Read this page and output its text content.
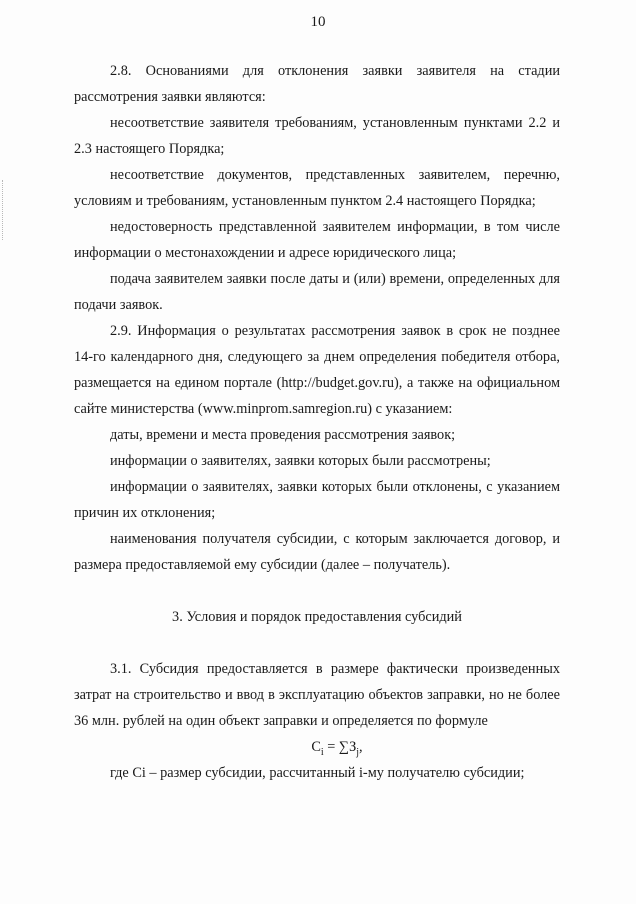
10

2.8. Основаниями для отклонения заявки заявителя на стадии рассмотрения заявки являются:

несоответствие заявителя требованиям, установленным пунктами 2.2 и 2.3 настоящего Порядка;

несоответствие документов, представленных заявителем, перечню, условиям и требованиям, установленным пунктом 2.4 настоящего Порядка;

недостоверность представленной заявителем информации, в том числе информации о местонахождении и адресе юридического лица;

подача заявителем заявки после даты и (или) времени, определенных для подачи заявок.

2.9. Информация о результатах рассмотрения заявок в срок не позднее 14-го календарного дня, следующего за днем определения победителя отбора, размещается на едином портале (http://budget.gov.ru), а также на официальном сайте министерства (www.minprom.samregion.ru) с указанием:

даты, времени и места проведения рассмотрения заявок;

информации о заявителях, заявки которых были рассмотрены;

информации о заявителях, заявки которых были отклонены, с указанием причин их отклонения;

наименования получателя субсидии, с которым заключается договор, и размера предоставляемой ему субсидии (далее – получатель).

3. Условия и порядок предоставления субсидий

3.1. Субсидия предоставляется в размере фактически произведенных затрат на строительство и ввод в эксплуатацию объектов заправки, но не более 36 млн. рублей на один объект заправки и определяется по формуле

$C_i = \sum З_j$,

где Ci – размер субсидии, рассчитанный i-му получателю субсидии;
